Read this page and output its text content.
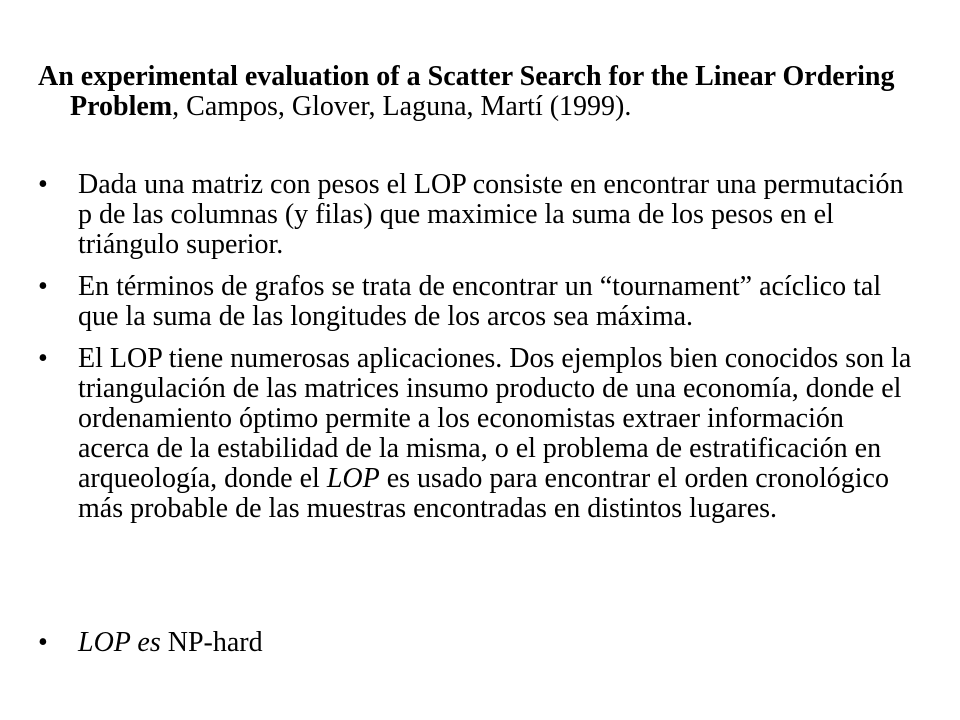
An experimental evaluation of a Scatter Search for the Linear Ordering Problem, Campos, Glover, Laguna, Martí (1999).
• Dada una matriz con pesos el LOP consiste en encontrar una permutación p de las columnas (y filas) que maximice la suma de los pesos en el triángulo superior.
• En términos de grafos se trata de encontrar un “tournament” acíclico tal que la suma de las longitudes de los arcos sea máxima.
• El LOP tiene numerosas aplicaciones. Dos ejemplos bien conocidos son la triangulación de las matrices insumo producto de una economía, donde el ordenamiento óptimo permite a los economistas extraer información acerca de la estabilidad de la misma, o el problema de estratificación en arqueología, donde el LOP es usado para encontrar el orden cronológico más probable de las muestras encontradas en distintos lugares.
• LOP es NP-hard
